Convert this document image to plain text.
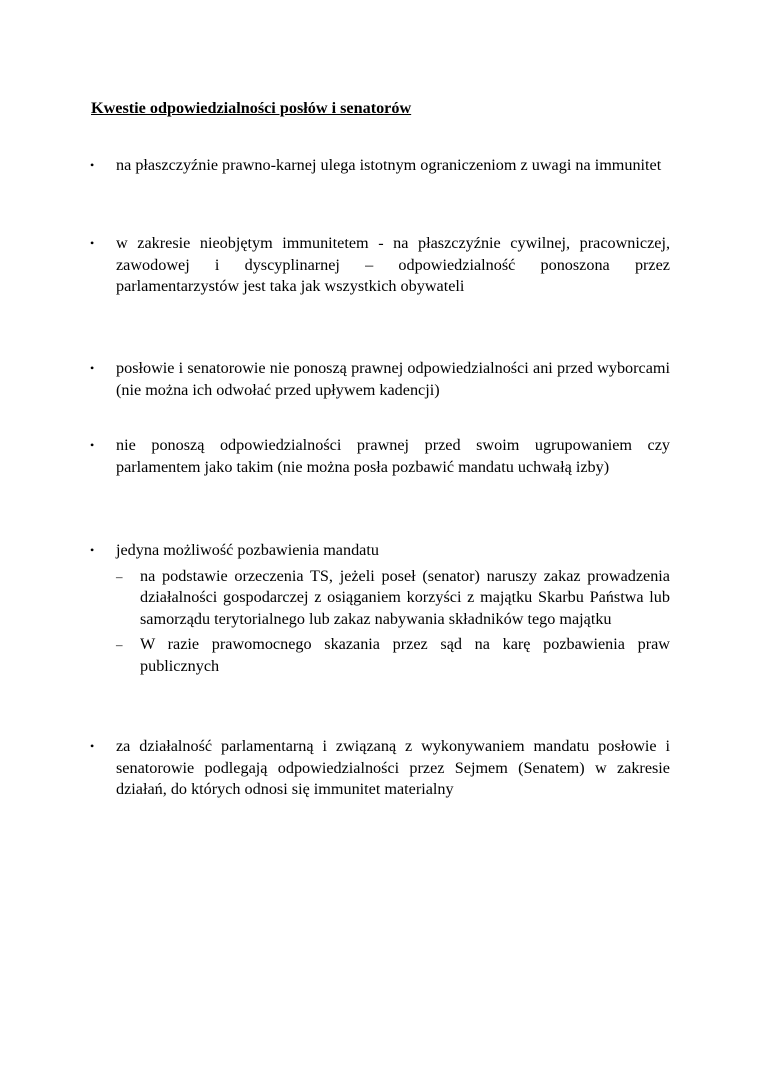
Kwestie odpowiedzialności posłów i senatorów
•	na płaszczyźnie prawno-karnej ulega istotnym ograniczeniom z uwagi na immunitet
•	w zakresie nieobjętym immunitetem - na płaszczyźnie cywilnej, pracowniczej, zawodowej i dyscyplinarnej – odpowiedzialność ponoszona przez parlamentarzystów jest taka jak wszystkich obywateli
•	posłowie i senatorowie nie ponoszą prawnej odpowiedzialności ani przed wyborcami (nie można ich odwołać przed upływem kadencji)
•	nie ponoszą odpowiedzialności prawnej przed swoim ugrupowaniem czy parlamentem jako takim (nie można posła pozbawić mandatu uchwałą izby)
•	jedyna możliwość pozbawienia mandatu
– na podstawie orzeczenia TS, jeżeli poseł (senator) naruszy zakaz prowadzenia działalności gospodarczej z osiąganiem korzyści z majątku Skarbu Państwa lub samorządu terytorialnego lub zakaz nabywania składników tego majątku
– W razie prawomocnego skazania przez sąd na karę pozbawienia praw publicznych
•	za działalność parlamentarną i związaną z wykonywaniem mandatu posłowie i senatorowie podlegają odpowiedzialności przez Sejmem (Senatem) w zakresie działań, do których odnosi się immunitet materialny
